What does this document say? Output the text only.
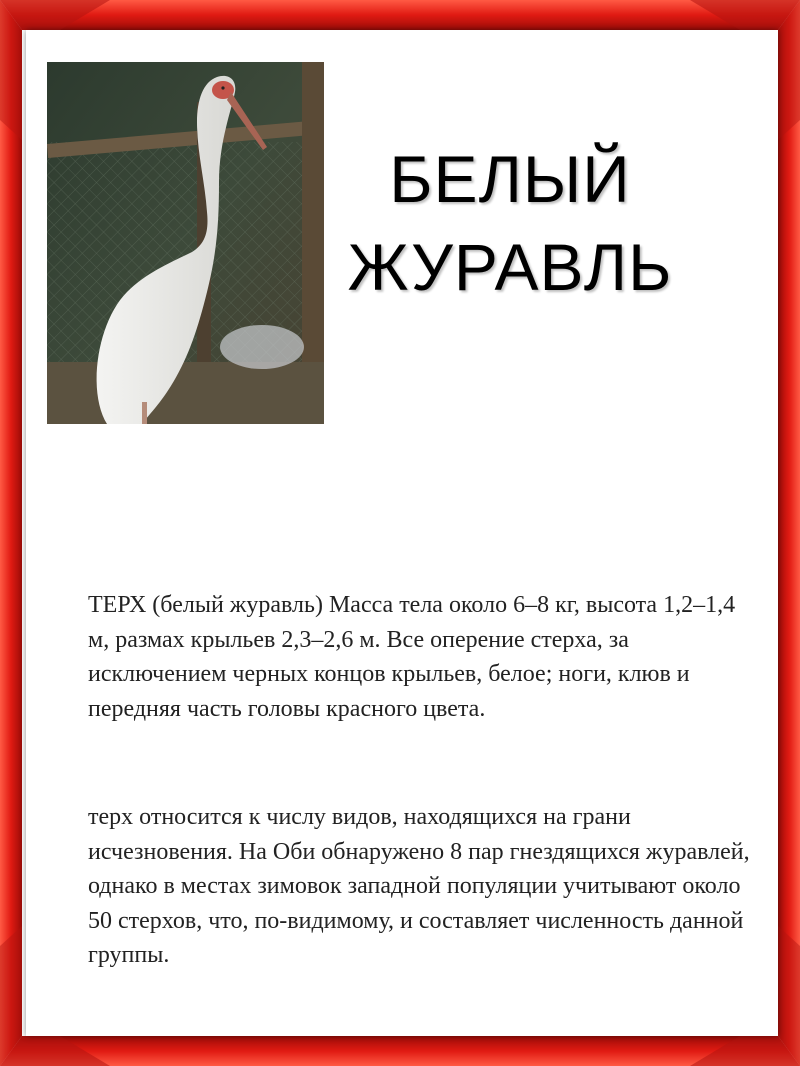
БЕЛЫЙ
ЖУРАВЛЬ
ТЕРХ (белый журавль) Масса тела около 6–8 кг, высота 1,2–1,4 м, размах крыльев 2,3–2,6 м. Все оперение стерха, за исключением черных концов крыльев, белое; ноги, клюв и передняя часть головы красного цвета.
терх относится к числу видов, находящихся на грани исчезновения. На Оби обнаружено 8 пар гнездящихся журавлей, однако в местах зимовок западной популяции учитывают около 50 стерхов, что, по-видимому, и составляет численность данной группы.
